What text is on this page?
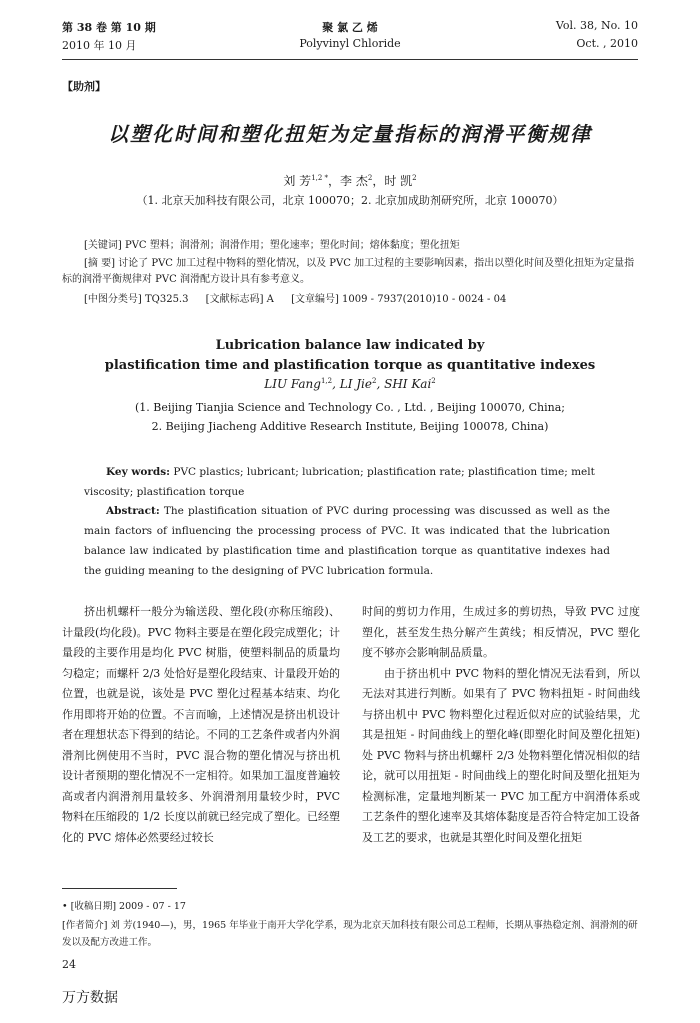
第 38 卷 第 10 期
2010 年 10 月
聚 氯 乙 烯
Polyvinyl Chloride
Vol. 38, No. 10
Oct. , 2010
【助剂】
以塑化时间和塑化扭矩为定量指标的润滑平衡规律
刘 芳$^{1,2 *}$，李 杰$^2$，时 凯$^2$
（1. 北京天加科技有限公司，北京 100070；2. 北京加成助剂研究所，北京 100070）
[关键词] PVC 塑料；润滑剂；润滑作用；塑化速率；塑化时间；熔体黏度；塑化扭矩
[摘 要] 讨论了 PVC 加工过程中物料的塑化情况，以及 PVC 加工过程的主要影响因素，指出以塑化时间及塑化扭矩为定量指标的润滑平衡规律对 PVC 润滑配方设计具有参考意义。
[中图分类号] TQ325.3 [文献标志码] A [文章编号] 1009 - 7937(2010)10 - 0024 - 04
Lubrication balance law indicated by
plastification time and plastification torque as quantitative indexes
LIU Fang$^{1,2}$, LI Jie$^2$, SHI Kai$^2$
(1. Beijing Tianjia Science and Technology Co. , Ltd. , Beijing 100070, China;
2. Beijing Jiacheng Additive Research Institute, Beijing 100078, China)
Key words: PVC plastics; lubricant; lubrication; plastification rate; plastification time; melt viscosity; plastification torque
Abstract: The plastification situation of PVC during processing was discussed as well as the main factors of influencing the processing process of PVC. It was indicated that the lubrication balance law indicated by plastification time and plastification torque as quantitative indexes had the guiding meaning to the designing of PVC lubrication formula.

挤出机螺杆一般分为输送段、塑化段(亦称压缩段)、计量段(均化段)。PVC 物料主要是在塑化段完成塑化；计量段的主要作用是均化 PVC 树脂，使塑料制品的质量均匀稳定；而螺杆 2/3 处恰好是塑化段结束、计量段开始的位置，也就是说，该处是 PVC 塑化过程基本结束、均化作用即将开始的位置。不言而喻，上述情况是挤出机设计者在理想状态下得到的结论。不同的工艺条件或者内外润滑剂比例使用不当时，PVC 混合物的塑化情况与挤出机设计者预期的塑化情况不一定相符。如果加工温度普遍较高或者内润滑剂用量较多、外润滑剂用量较少时，PVC 物料在压缩段的 1/2 长度以前就已经完成了塑化。已经塑化的 PVC 熔体必然要经过较长

时间的剪切力作用，生成过多的剪切热，导致 PVC 过度塑化，甚至发生热分解产生黄线；相反情况，PVC 塑化度不够亦会影响制品质量。

由于挤出机中 PVC 物料的塑化情况无法看到，所以无法对其进行判断。如果有了 PVC 物料扭矩 - 时间曲线与挤出机中 PVC 物料塑化过程近似对应的试验结果，尤其是扭矩 - 时间曲线上的塑化峰(即塑化时间及塑化扭矩)处 PVC 物料与挤出机螺杆 2/3 处物料塑化情况相似的结论，就可以用扭矩 - 时间曲线上的塑化时间及塑化扭矩为检测标准，定量地判断某一 PVC 加工配方中润滑体系或工艺条件的塑化速率及其熔体黏度是否符合特定加工设备及工艺的要求，也就是其塑化时间及塑化扭矩

• [收稿日期] 2009 - 07 - 17
[作者简介] 刘 芳(1940—)，男，1965 年毕业于南开大学化学系，现为北京天加科技有限公司总工程师，长期从事热稳定剂、润滑剂的研发以及配方改进工作。
24
万方数据
